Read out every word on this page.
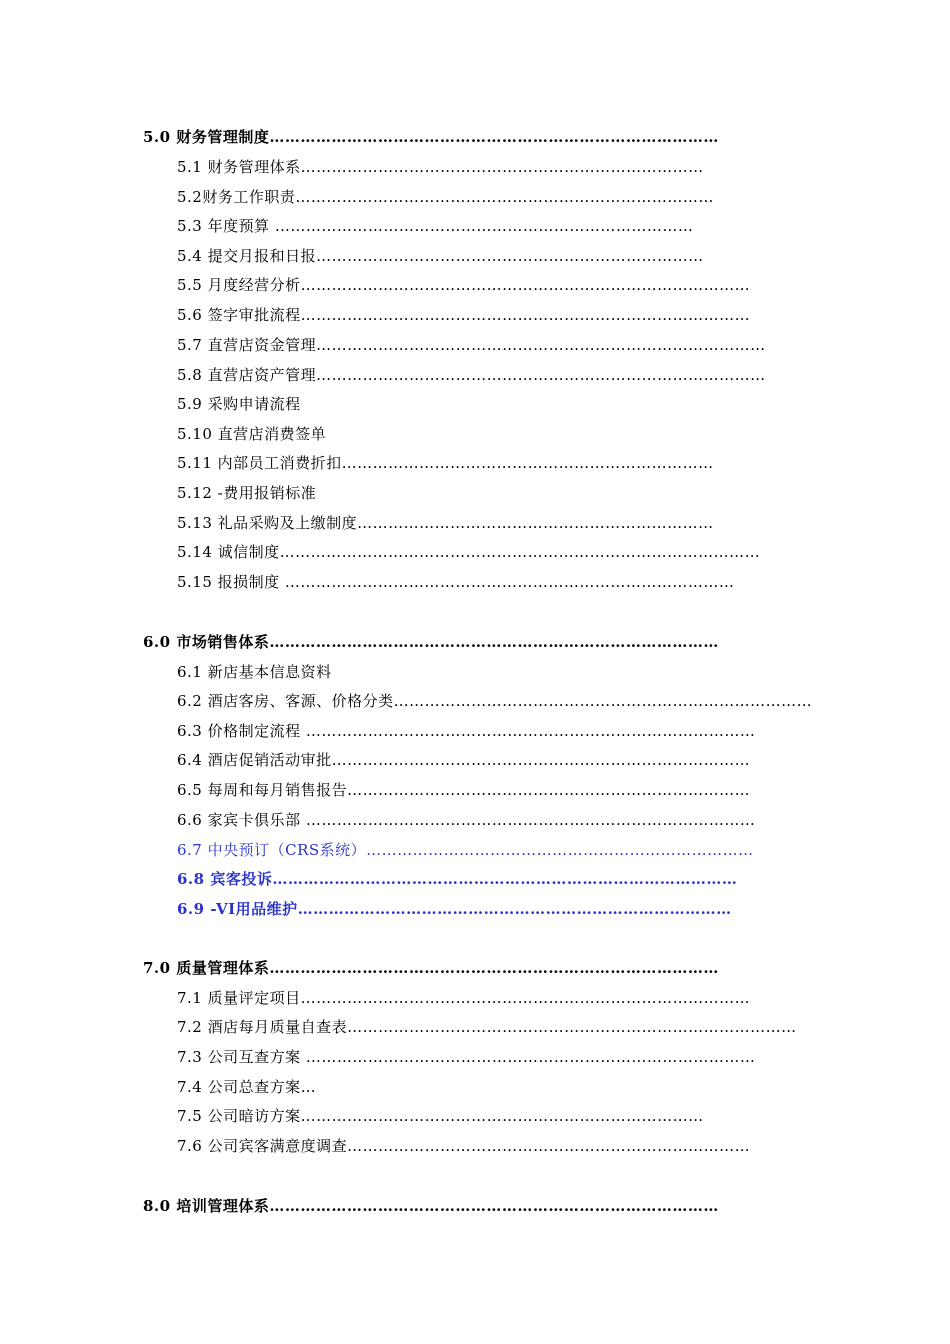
5.0 财务管理制度……………………………………………………………………………
5.1 财务管理体系……………………………………………………………………
5.2财务工作职责………………………………………………………………………
5.3 年度预算 ………………………………………………………………………
5.4 提交月报和日报…………………………………………………………………
5.5 月度经营分析……………………………………………………………………………
5.6 签字审批流程……………………………………………………………………………
5.7 直营店资金管理……………………………………………………………………………
5.8 直营店资产管理……………………………………………………………………………
5.9 采购申请流程
5.10 直营店消费签单
5.11 内部员工消费折扣………………………………………………………………
5.12 -费用报销标准
5.13 礼品采购及上缴制度……………………………………………………………
5.14 诚信制度…………………………………………………………………………………
5.15 报损制度 ……………………………………………………………………………
6.0 市场销售体系……………………………………………………………………………
6.1 新店基本信息资料
6.2 酒店客房、客源、价格分类………………………………………………………………………
6.3 价格制定流程 ……………………………………………………………………………
6.4 酒店促销活动审批………………………………………………………………………
6.5 每周和每月销售报告……………………………………………………………………
6.6 家宾卡俱乐部 ……………………………………………………………………………
6.7 中央预订（CRS系统）…………………………………………………………………
6.8 宾客投诉………………………………………………………………………………
6.9 -VI用品维护…………………………………………………………………………
7.0 质量管理体系……………………………………………………………………………
7.1 质量评定项目……………………………………………………………………………
7.2 酒店每月质量自查表……………………………………………………………………………
7.3 公司互查方案 ……………………………………………………………………………
7.4 公司总查方案…
7.5 公司暗访方案……………………………………………………………………
7.6 公司宾客满意度调查……………………………………………………………………
8.0 培训管理体系……………………………………………………………………………
